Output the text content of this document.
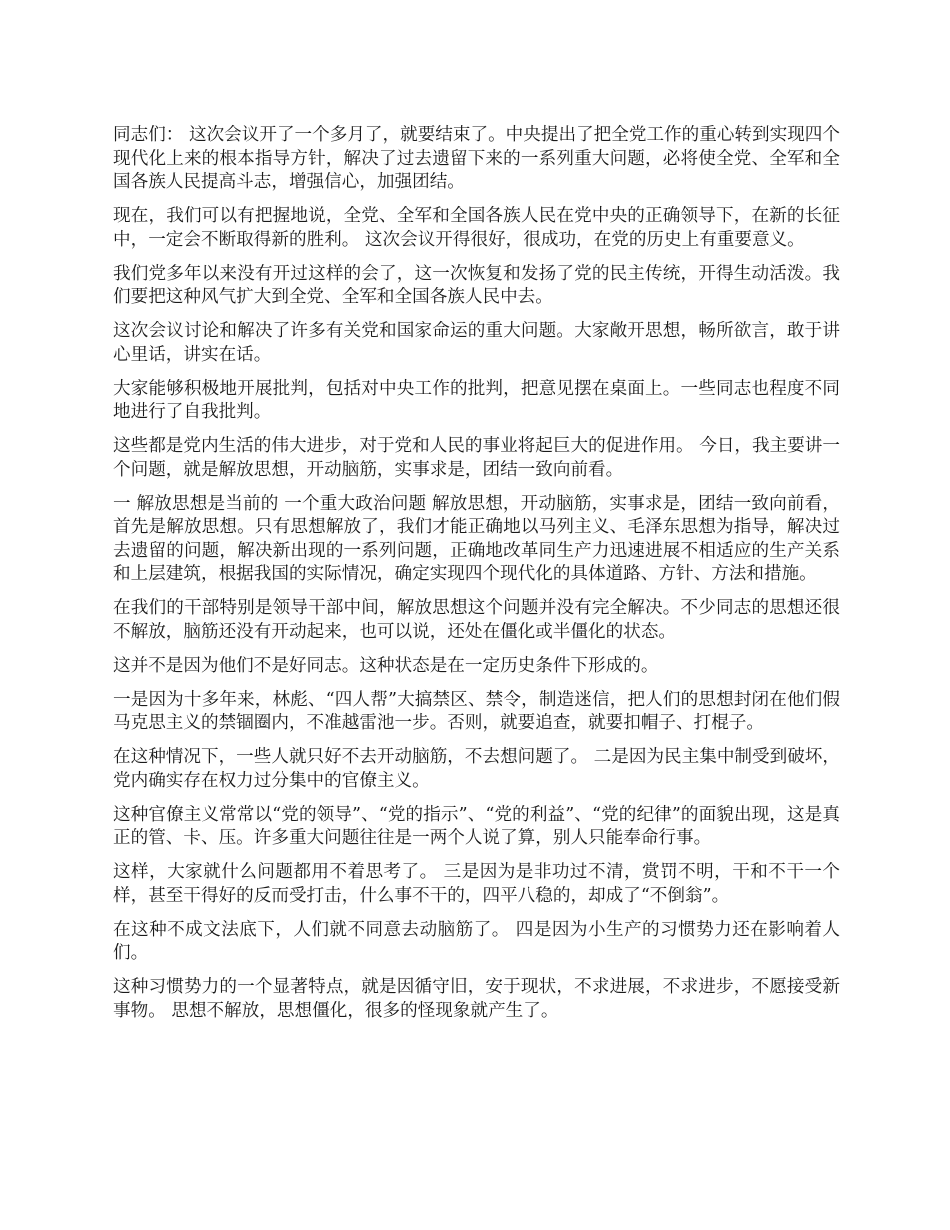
同志们： 这次会议开了一个多月了，就要结束了。中央提出了把全党工作的重心转到实现四个现代化上来的根本指导方针，解决了过去遗留下来的一系列重大问题，必将使全党、全军和全国各族人民提高斗志，增强信心，加强团结。

现在，我们可以有把握地说，全党、全军和全国各族人民在党中央的正确领导下，在新的长征中，一定会不断取得新的胜利。 这次会议开得很好，很成功，在党的历史上有重要意义。

我们党多年以来没有开过这样的会了，这一次恢复和发扬了党的民主传统，开得生动活泼。我们要把这种风气扩大到全党、全军和全国各族人民中去。

这次会议讨论和解决了许多有关党和国家命运的重大问题。大家敞开思想，畅所欲言，敢于讲心里话，讲实在话。

大家能够积极地开展批判，包括对中央工作的批判，把意见摆在桌面上。一些同志也程度不同地进行了自我批判。

这些都是党内生活的伟大进步，对于党和人民的事业将起巨大的促进作用。 今日，我主要讲一个问题，就是解放思想，开动脑筋，实事求是，团结一致向前看。

一 解放思想是当前的 一个重大政治问题 解放思想，开动脑筋，实事求是，团结一致向前看，首先是解放思想。只有思想解放了，我们才能正确地以马列主义、毛泽东思想为指导，解决过去遗留的问题，解决新出现的一系列问题，正确地改革同生产力迅速进展不相适应的生产关系和上层建筑，根据我国的实际情况，确定实现四个现代化的具体道路、方针、方法和措施。

在我们的干部特别是领导干部中间，解放思想这个问题并没有完全解决。不少同志的思想还很不解放，脑筋还没有开动起来，也可以说，还处在僵化或半僵化的状态。

这并不是因为他们不是好同志。这种状态是在一定历史条件下形成的。

一是因为十多年来，林彪、“四人帮”大搞禁区、禁令，制造迷信，把人们的思想封闭在他们假马克思主义的禁锢圈内，不准越雷池一步。否则，就要追查，就要扣帽子、打棍子。

在这种情况下，一些人就只好不去开动脑筋，不去想问题了。 二是因为民主集中制受到破坏，党内确实存在权力过分集中的官僚主义。

这种官僚主义常常以“党的领导”、“党的指示”、“党的利益”、“党的纪律”的面貌出现，这是真正的管、卡、压。许多重大问题往往是一两个人说了算，别人只能奉命行事。

这样，大家就什么问题都用不着思考了。 三是因为是非功过不清，赏罚不明，干和不干一个样，甚至干得好的反而受打击，什么事不干的，四平八稳的，却成了“不倒翁”。

在这种不成文法底下，人们就不同意去动脑筋了。 四是因为小生产的习惯势力还在影响着人们。

这种习惯势力的一个显著特点，就是因循守旧，安于现状，不求进展，不求进步，不愿接受新事物。 思想不解放，思想僵化，很多的怪现象就产生了。
